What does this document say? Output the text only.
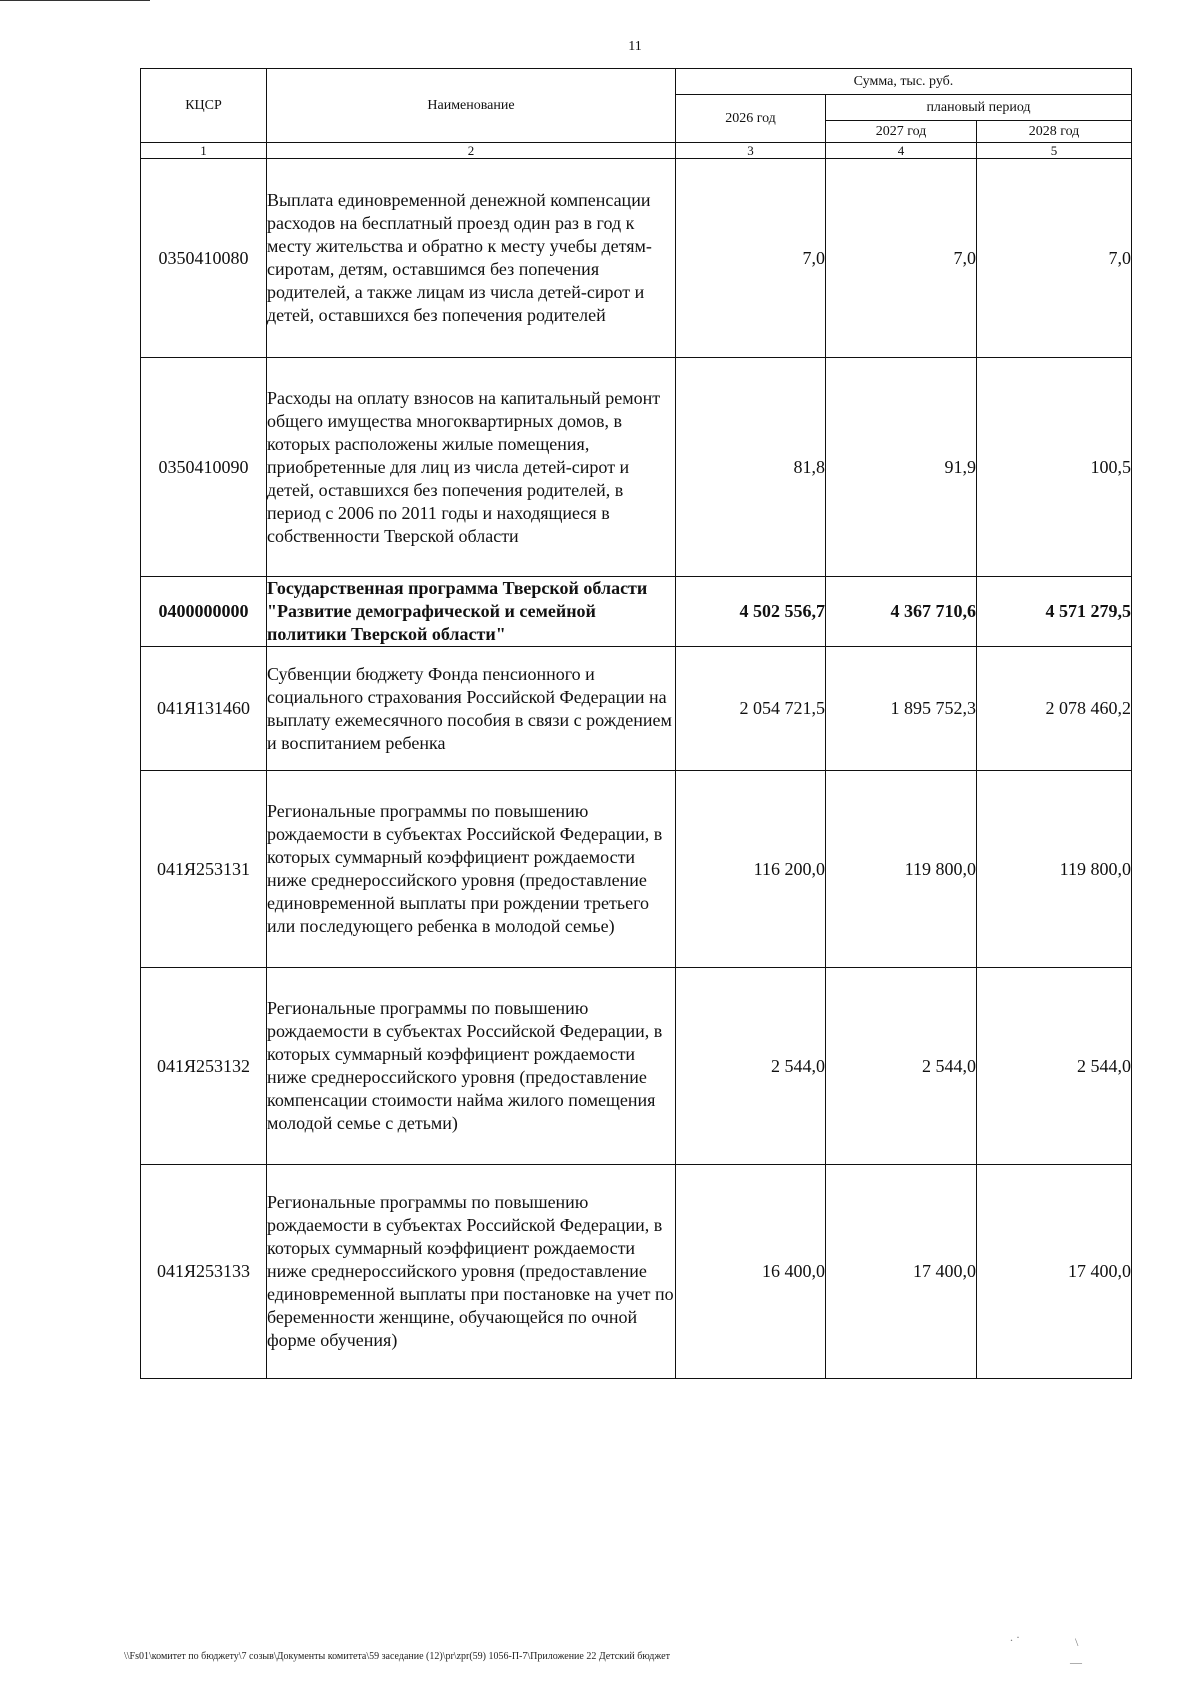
11
КЦСР	Наименование	Сумма, тыс. руб.		
		2026 год	плановый период	
			2027 год	2028 год
1	2	3	4	5
0350410080	Выплата единовременной денежной компенсации расходов на бесплатный проезд один раз в год к месту жительства и обратно к месту учебы детям-сиротам, детям, оставшимся без попечения родителей, а также лицам из числа детей-сирот и детей, оставшихся без попечения родителей	7,0	7,0	7,0
0350410090	Расходы на оплату взносов на капитальный ремонт общего имущества многоквартирных домов, в которых расположены жилые помещения, приобретенные для лиц из числа детей-сирот и детей, оставшихся без попечения родителей, в период с 2006 по 2011 годы и находящиеся в собственности Тверской области	81,8	91,9	100,5
0400000000	Государственная программа Тверской области "Развитие демографической и семейной политики Тверской области"	4 502 556,7	4 367 710,6	4 571 279,5
041Я131460	Субвенции бюджету Фонда пенсионного и социального страхования Российской Федерации на выплату ежемесячного пособия в связи с рождением и воспитанием ребенка	2 054 721,5	1 895 752,3	2 078 460,2
041Я253131	Региональные программы по повышению рождаемости в субъектах Российской Федерации, в которых суммарный коэффициент рождаемости ниже среднероссийского уровня (предоставление единовременной выплаты при рождении третьего или последующего ребенка в молодой семье)	116 200,0	119 800,0	119 800,0
041Я253132	Региональные программы по повышению рождаемости в субъектах Российской Федерации, в которых суммарный коэффициент рождаемости ниже среднероссийского уровня (предоставление компенсации стоимости найма жилого помещения молодой семье с детьми)	2 544,0	2 544,0	2 544,0
041Я253133	Региональные программы по повышению рождаемости в субъектах Российской Федерации, в которых суммарный коэффициент рождаемости ниже среднероссийского уровня (предоставление единовременной выплаты при постановке на учет по беременности женщине, обучающейся по очной форме обучения)	16 400,0	17 400,0	17 400,0
\\Fs01\комитет по бюджету\7 созыв\Документы комитета\59 заседание (12)\pr\zpr(59) 1056-П-7\Приложение 22 Детский бюджет
. ·	\
—
